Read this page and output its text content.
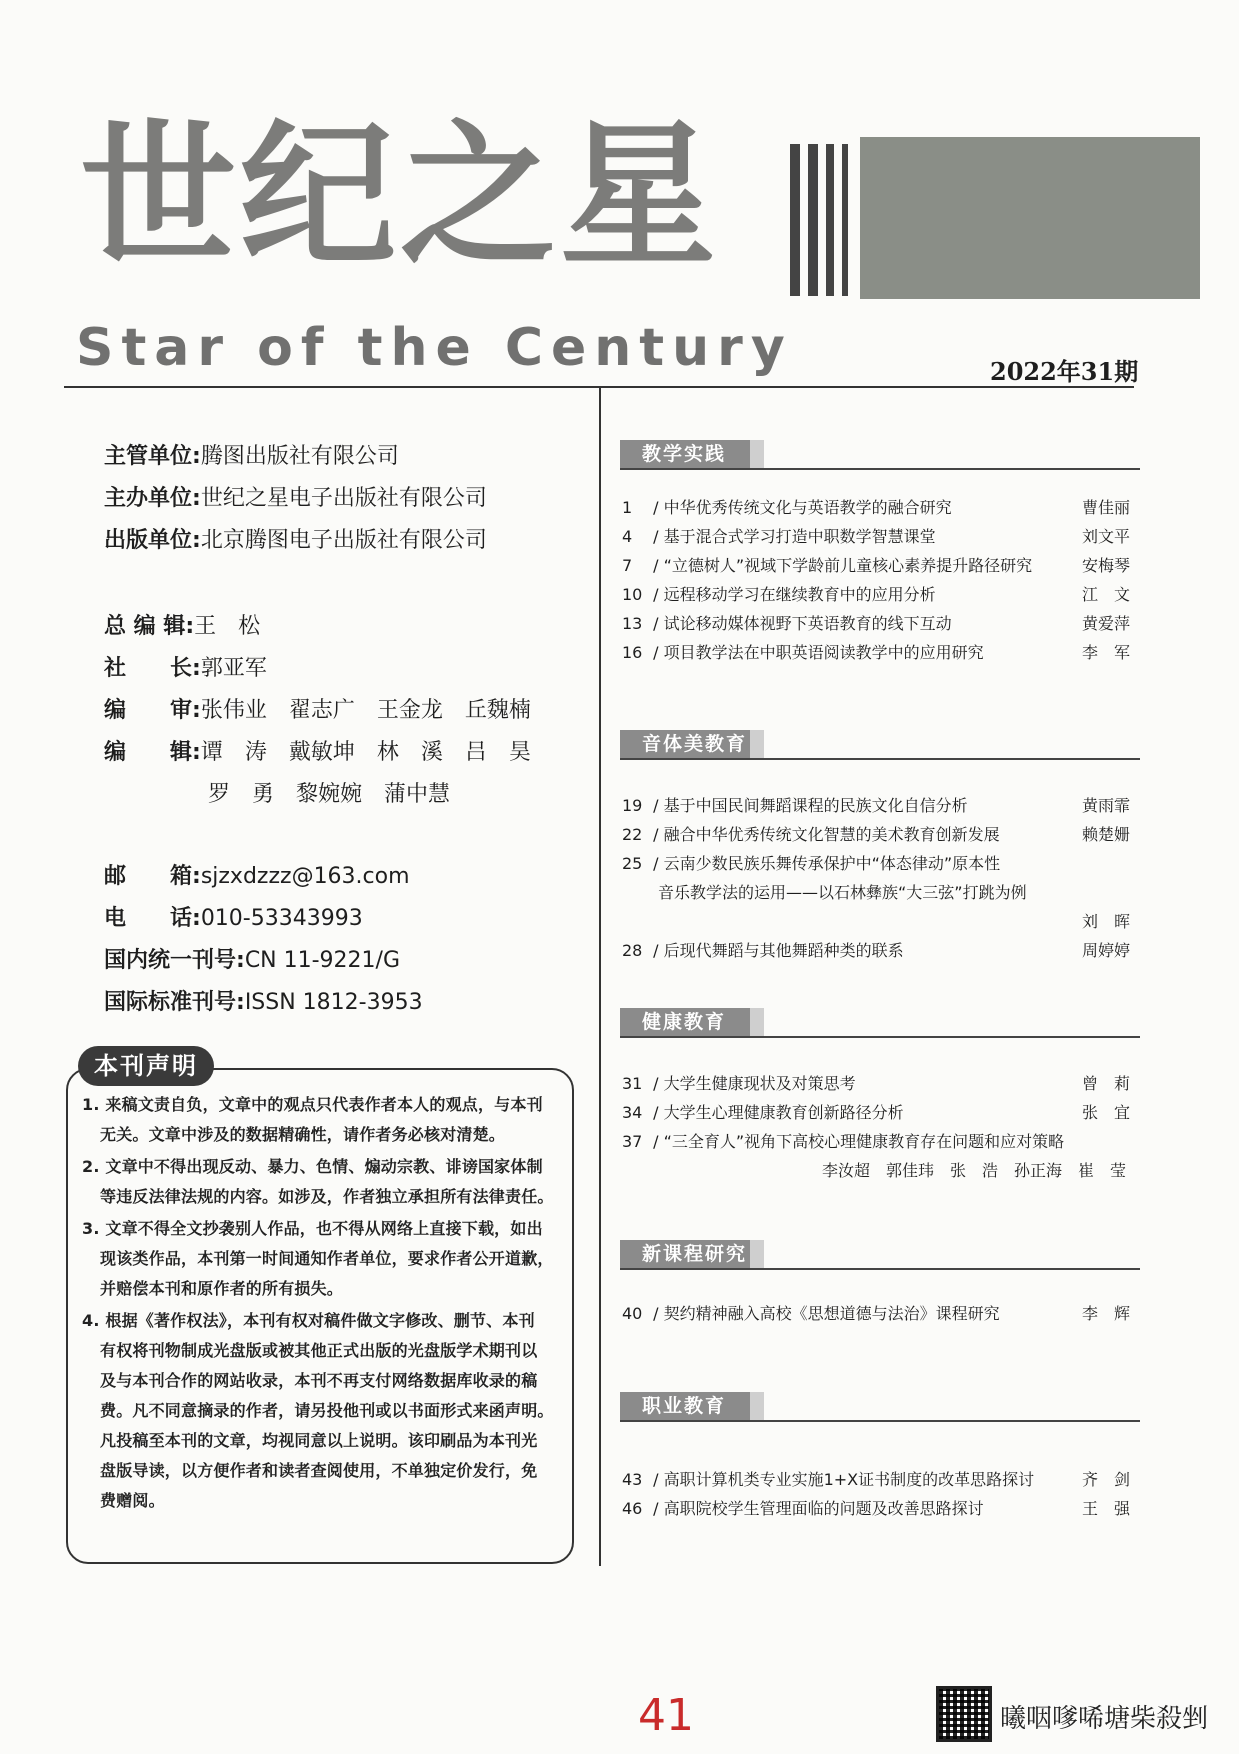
世纪之星
Star of the Century	2022年31期
主管单位:腾图出版社有限公司
主办单位:世纪之星电子出版社有限公司
出版单位:北京腾图电子出版社有限公司
总 编 辑:王　松
社　　长:郭亚军
编　　审:张伟业　翟志广　王金龙　丘魏楠
编　　辑:谭　涛　戴敏坤　林　溪　吕　昊
罗　勇　黎婉婉　蒲中慧
邮　　箱:sjzxdzzz@163.com
电　　话:010-53343993
国内统一刊号:CN 11-9221/G
国际标准刊号:ISSN 1812-3953
本刊声明
1. 来稿文责自负，文章中的观点只代表作者本人的观点，与本刊
无关。文章中涉及的数据精确性，请作者务必核对清楚。
2. 文章中不得出现反动、暴力、色情、煽动宗教、诽谤国家体制
等违反法律法规的内容。如涉及，作者独立承担所有法律责任。
3. 文章不得全文抄袭别人作品，也不得从网络上直接下载，如出
现该类作品，本刊第一时间通知作者单位，要求作者公开道歉，
并赔偿本刊和原作者的所有损失。
4. 根据《著作权法》，本刊有权对稿件做文字修改、删节、本刊
有权将刊物制成光盘版或被其他正式出版的光盘版学术期刊以
及与本刊合作的网站收录，本刊不再支付网络数据库收录的稿
费。凡不同意摘录的作者，请另投他刊或以书面形式来函声明。
凡投稿至本刊的文章，均视同意以上说明。该印刷品为本刊光
盘版导读，以方便作者和读者查阅使用，不单独定价发行，免
费赠阅。
教学实践
1 / 中华优秀传统文化与英语教学的融合研究	曹佳丽
4 / 基于混合式学习打造中职数学智慧课堂	刘文平
7 / “立德树人”视域下学龄前儿童核心素养提升路径研究	安梅琴
10 / 远程移动学习在继续教育中的应用分析	江　文
13 / 试论移动媒体视野下英语教育的线下互动	黄爱萍
16 / 项目教学法在中职英语阅读教学中的应用研究	李　军
音体美教育
19 / 基于中国民间舞蹈课程的民族文化自信分析	黄雨霏
22 / 融合中华优秀传统文化智慧的美术教育创新发展	赖楚姗
25 / 云南少数民族乐舞传承保护中“体态律动”原本性
音乐教学法的运用——以石林彝族“大三弦”打跳为例
刘　晖
28 / 后现代舞蹈与其他舞蹈种类的联系	周婷婷
健康教育
31 / 大学生健康现状及对策思考	曾　莉
34 / 大学生心理健康教育创新路径分析	张　宜
37 / “三全育人”视角下高校心理健康教育存在问题和应对策略
李汝超　郭佳玮　张　浩　孙正海　崔　莹
新课程研究
40 / 契约精神融入高校《思想道德与法治》课程研究	李　辉
职业教育
43 / 高职计算机类专业实施1+X证书制度的改革思路探讨	齐　剑
46 / 高职院校学生管理面临的问题及改善思路探讨	王　强
41	曦咽嗲唏塘柴殺剉
